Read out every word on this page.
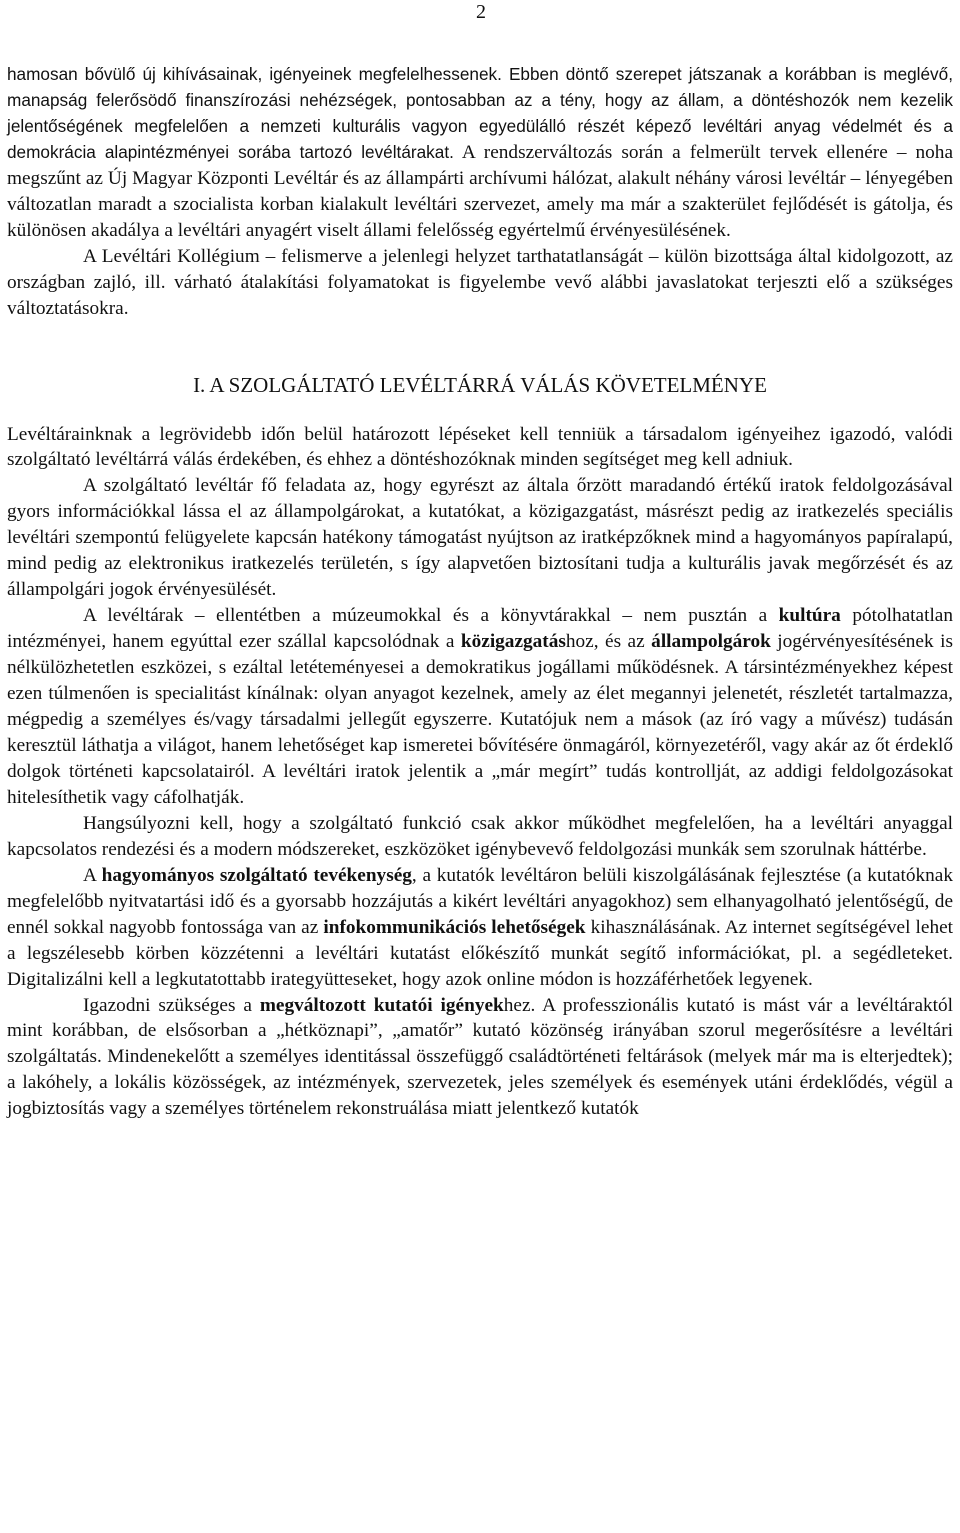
2

hamosan bővülő új kihívásainak, igényeinek megfelelhessenek. Ebben döntő szerepet játszanak a korábban is meglévő, manapság felerősödő finanszírozási nehézségek, pontosabban az a tény, hogy az állam, a döntéshozók nem kezelik jelentőségének megfelelően a nemzeti kulturális vagyon egyedülálló részét képező levéltári anyag védelmét és a demokrácia alapintézményei sorába tartozó levéltárakat. A rendszerváltozás során a felmerült tervek ellenére – noha megszűnt az Új Magyar Központi Levéltár és az állampárti archívumi hálózat, alakult néhány városi levéltár – lényegében változatlan maradt a szocialista korban kialakult levéltári szervezet, amely ma már a szakterület fejlődését is gátolja, és különösen akadálya a levéltári anyagért viselt állami felelősség egyértelmű érvényesülésének.

A Levéltári Kollégium – felismerve a jelenlegi helyzet tarthatatlanságát – külön bizottsága által kidolgozott, az országban zajló, ill. várható átalakítási folyamatokat is figyelembe vevő alábbi javaslatokat terjeszti elő a szükséges változtatásokra.

I. A SZOLGÁLTATÓ LEVÉLTÁRRÁ VÁLÁS KÖVETELMÉNYE

Levéltárainknak a legrövidebb időn belül határozott lépéseket kell tenniük a társadalom igényeihez igazodó, valódi szolgáltató levéltárrá válás érdekében, és ehhez a döntéshozóknak minden segítséget meg kell adniuk.

A szolgáltató levéltár fő feladata az, hogy egyrészt az általa őrzött maradandó értékű iratok feldolgozásával gyors információkkal lássa el az állampolgárokat, a kutatókat, a közigazgatást, másrészt pedig az iratkezelés speciális levéltári szempontú felügyelete kapcsán hatékony támogatást nyújtson az iratképzőknek mind a hagyományos papíralapú, mind pedig az elektronikus iratkezelés területén, s így alapvetően biztosítani tudja a kulturális javak megőrzését és az állampolgári jogok érvényesülését.

A levéltárak – ellentétben a múzeumokkal és a könyvtárakkal – nem pusztán a kultúra pótolhatatlan intézményei, hanem egyúttal ezer szállal kapcsolódnak a közigazgatáshoz, és az állampolgárok jogérvényesítésének is nélkülözhetetlen eszközei, s ezáltal letéteményesei a demokratikus jogállami működésnek. A társintézményekhez képest ezen túlmenően is specialitást kínálnak: olyan anyagot kezelnek, amely az élet megannyi jelenetét, részletét tartalmazza, mégpedig a személyes és/vagy társadalmi jellegűt egyszerre. Kutatójuk nem a mások (az író vagy a művész) tudásán keresztül láthatja a világot, hanem lehetőséget kap ismeretei bővítésére önmagáról, környezetéről, vagy akár az őt érdeklő dolgok történeti kapcsolatairól. A levéltári iratok jelentik a „már megírt” tudás kontrollját, az addigi feldolgozásokat hitelesíthetik vagy cáfolhatják.

Hangsúlyozni kell, hogy a szolgáltató funkció csak akkor működhet megfelelően, ha a levéltári anyaggal kapcsolatos rendezési és a modern módszereket, eszközöket igénybevevő feldolgozási munkák sem szorulnak háttérbe.

A hagyományos szolgáltató tevékenység, a kutatók levéltáron belüli kiszolgálásának fejlesztése (a kutatóknak megfelelőbb nyitvatartási idő és a gyorsabb hozzájutás a kikért levéltári anyagokhoz) sem elhanyagolható jelentőségű, de ennél sokkal nagyobb fontossága van az infokommunikációs lehetőségek kihasználásának. Az internet segítségével lehet a legszélesebb körben közzétenni a levéltári kutatást előkészítő munkát segítő információkat, pl. a segédleteket. Digitalizálni kell a legkutatottabb irategyütteseket, hogy azok online módon is hozzáférhetőek legyenek.

Igazodni szükséges a megváltozott kutatói igényekhez. A professzionális kutató is mást vár a levéltáraktól mint korábban, de elsősorban a „hétköznapi”, „amatőr” kutató közönség irányában szorul megerősítésre a levéltári szolgáltatás. Mindenekelőtt a személyes identitással összefüggő családtörténeti feltárások (melyek már ma is elterjedtek); a lakóhely, a lokális közösségek, az intézmények, szervezetek, jeles személyek és események utáni érdeklődés, végül a jogbiztosítás vagy a személyes történelem rekonstruálása miatt jelentkező kutatók
